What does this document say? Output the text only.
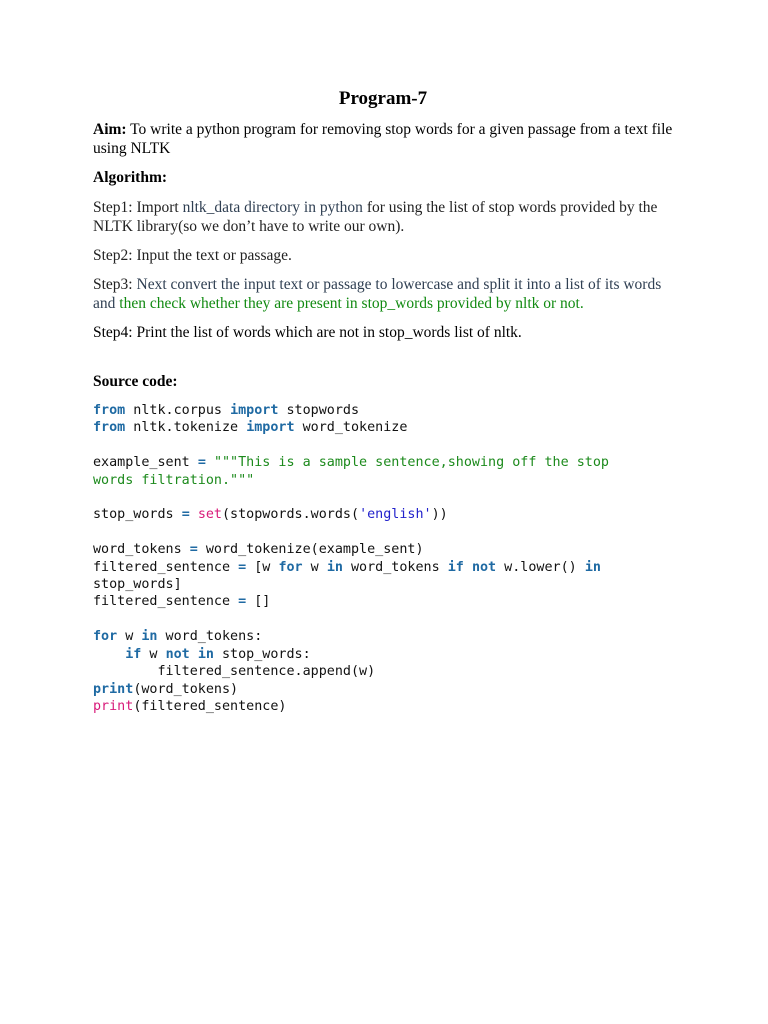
Program-7

Aim: To write a python program for removing stop words for a given passage from a text file using NLTK

Algorithm:

Step1: Import nltk_data directory in python for using the list of stop words provided by the NLTK library(so we don’t have to write our own).

Step2: Input the text or passage.

Step3: Next convert the input text or passage to lowercase and split it into a list of its words and then check whether they are present in stop_words provided by nltk or not.

Step4: Print the list of words which are not in stop_words list of nltk.

Source code:

from nltk.corpus import stopwords
from nltk.tokenize import word_tokenize

example_sent = """This is a sample sentence,showing off the stop
words filtration."""

stop_words = set(stopwords.words('english'))

word_tokens = word_tokenize(example_sent)
filtered_sentence = [w for w in word_tokens if not w.lower() in
stop_words]
filtered_sentence = []

for w in word_tokens:
if w not in stop_words:
filtered_sentence.append(w)
print(word_tokens)
print(filtered_sentence)
